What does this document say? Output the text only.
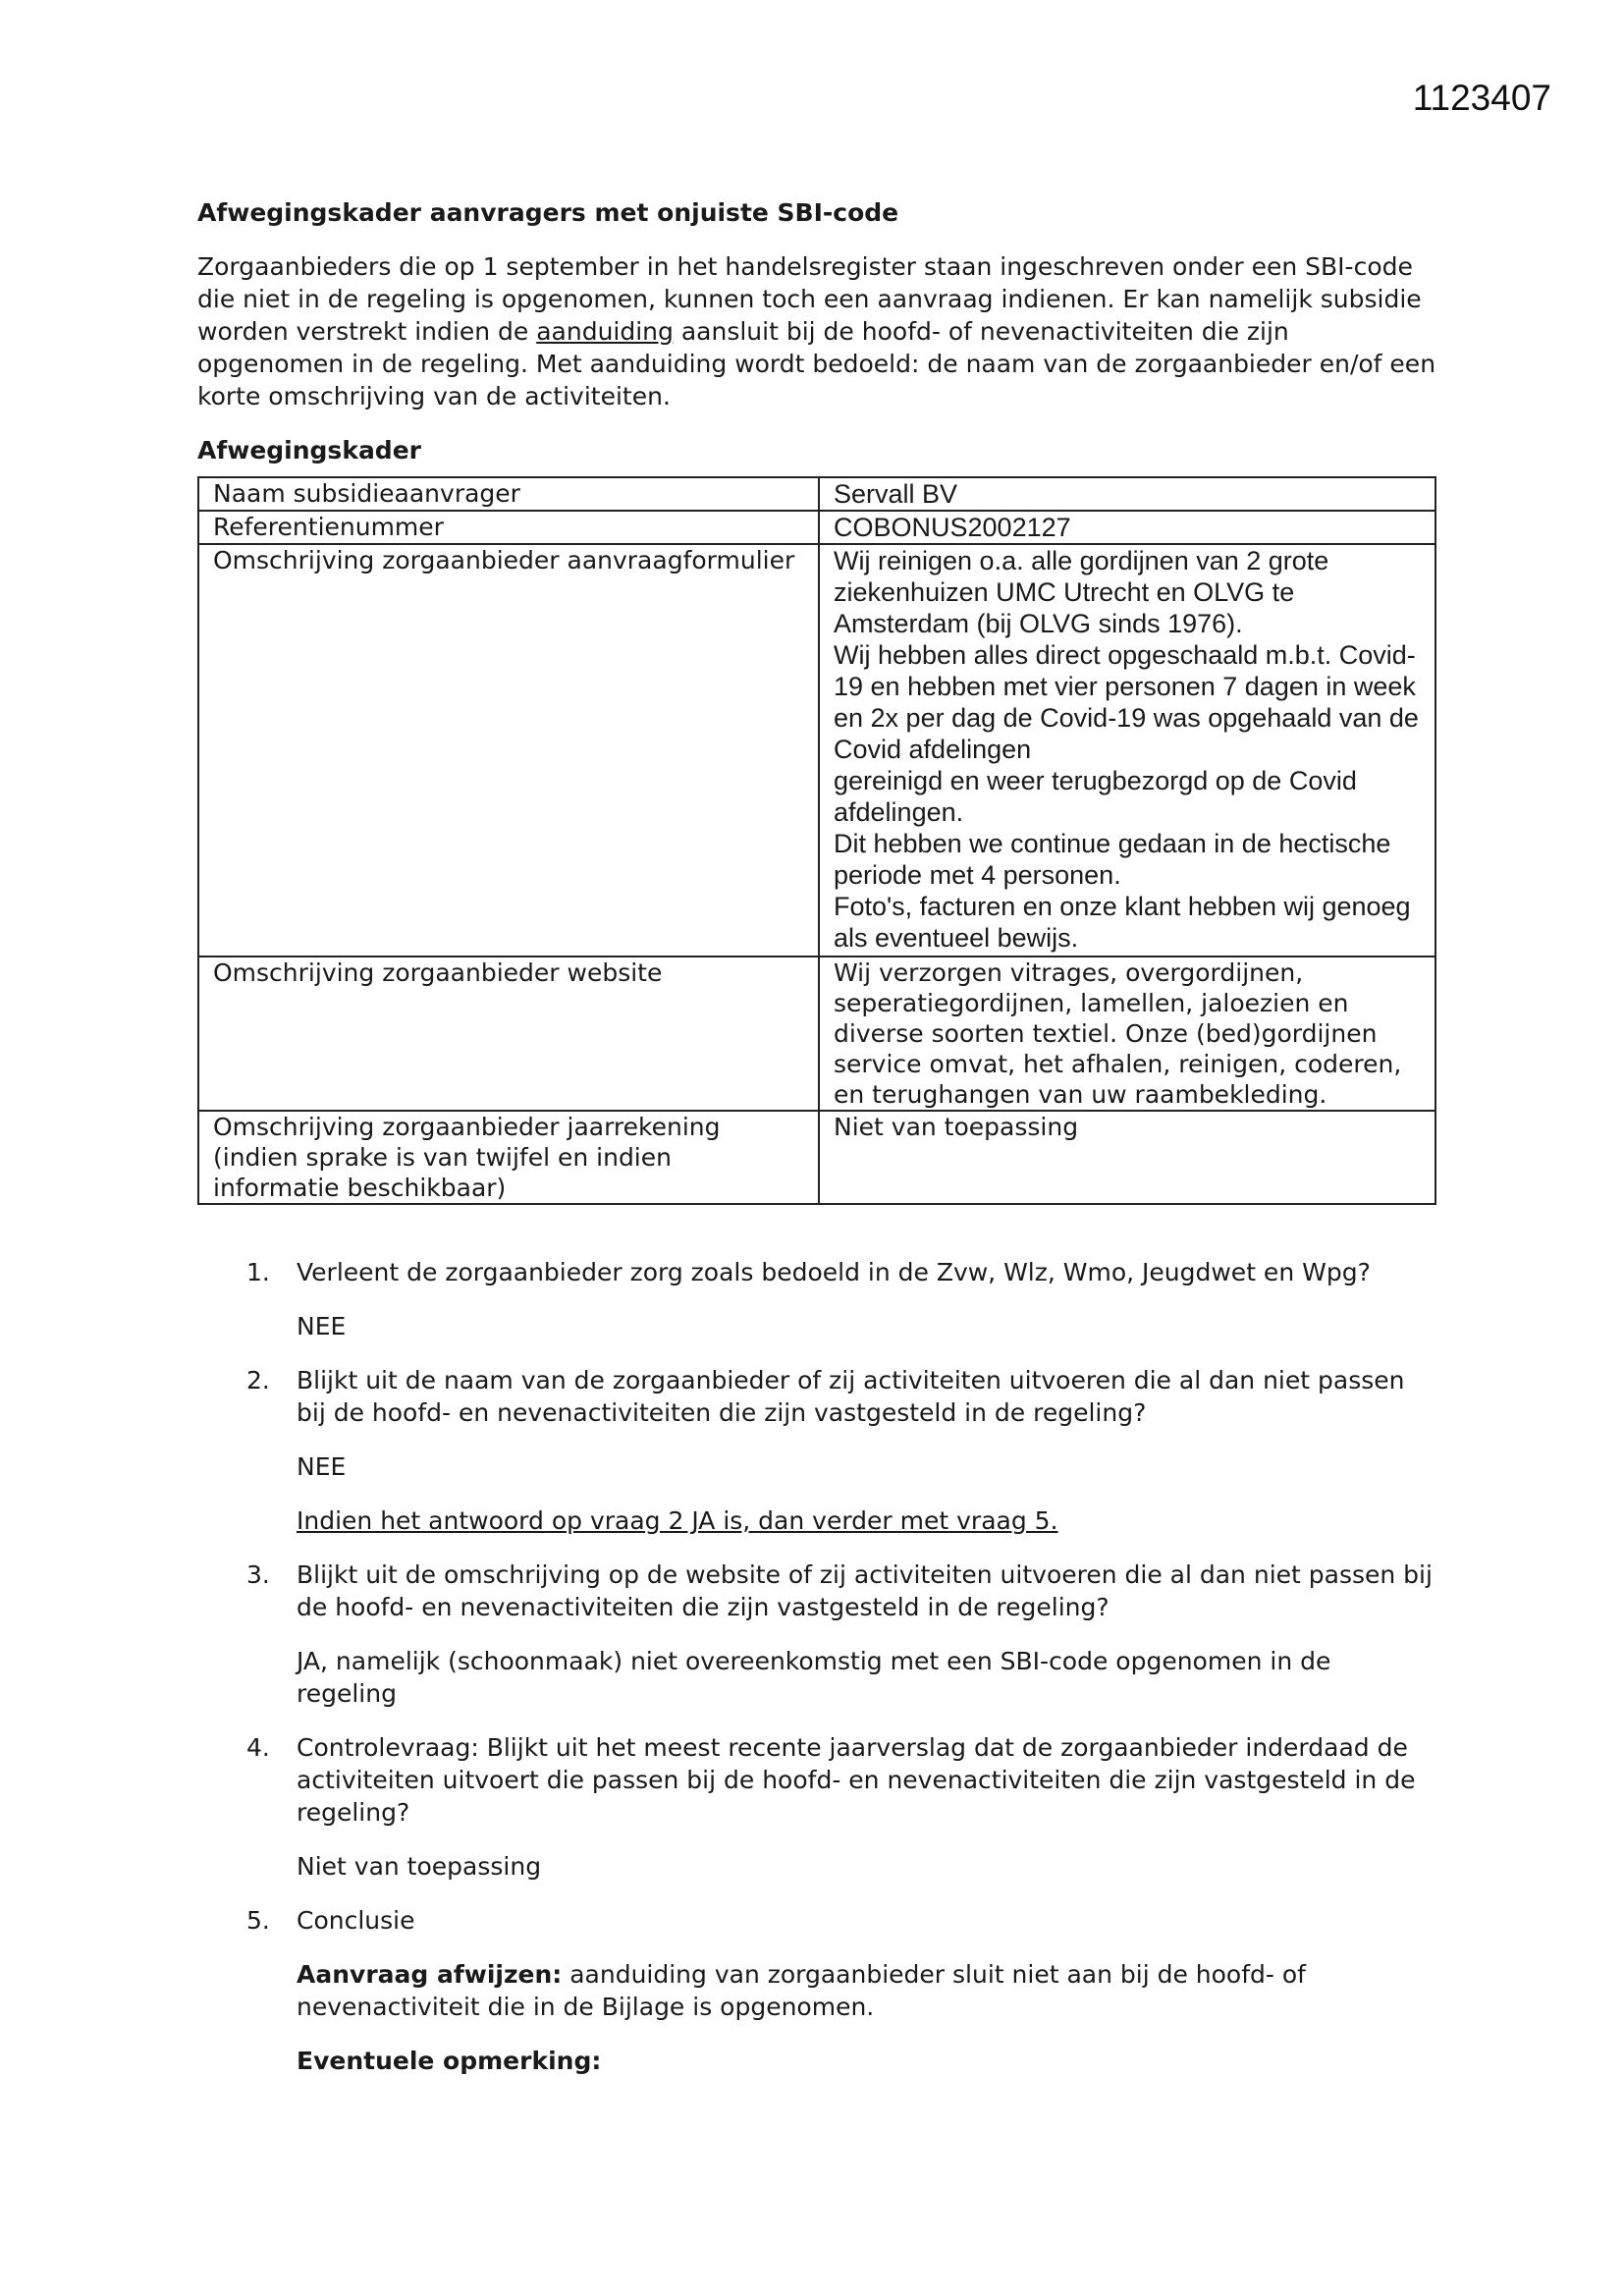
1123407
Afwegingskader aanvragers met onjuiste SBI-code
Zorgaanbieders die op 1 september in het handelsregister staan ingeschreven onder een SBI-code die niet in de regeling is opgenomen, kunnen toch een aanvraag indienen. Er kan namelijk subsidie worden verstrekt indien de aanduiding aansluit bij de hoofd- of nevenactiviteiten die zijn opgenomen in de regeling. Met aanduiding wordt bedoeld: de naam van de zorgaanbieder en/of een korte omschrijving van de activiteiten.
Afwegingskader
Naam subsidieaanvrager	Servall BV
Referentienummer	COBONUS2002127
Omschrijving zorgaanbieder aanvraagformulier	Wij reinigen o.a. alle gordijnen van 2 grote ziekenhuizen UMC Utrecht en OLVG te Amsterdam (bij OLVG sinds 1976).
Wij hebben alles direct opgeschaald m.b.t. Covid-19 en hebben met vier personen 7 dagen in week en 2x per dag de Covid-19 was opgehaald van de Covid afdelingen
gereinigd en weer terugbezorgd op de Covid afdelingen.
Dit hebben we continue gedaan in de hectische periode met 4 personen.
Foto's, facturen en onze klant hebben wij genoeg als eventueel bewijs.
Omschrijving zorgaanbieder website	Wij verzorgen vitrages, overgordijnen, seperatiegordijnen, lamellen, jaloezien en diverse soorten textiel. Onze (bed)gordijnen service omvat, het afhalen, reinigen, coderen, en terughangen van uw raambekleding.
Omschrijving zorgaanbieder jaarrekening (indien sprake is van twijfel en indien informatie beschikbaar)	Niet van toepassing
1. Verleent de zorgaanbieder zorg zoals bedoeld in de Zvw, Wlz, Wmo, Jeugdwet en Wpg?
NEE
2. Blijkt uit de naam van de zorgaanbieder of zij activiteiten uitvoeren die al dan niet passen bij de hoofd- en nevenactiviteiten die zijn vastgesteld in de regeling?
NEE
Indien het antwoord op vraag 2 JA is, dan verder met vraag 5.
3. Blijkt uit de omschrijving op de website of zij activiteiten uitvoeren die al dan niet passen bij de hoofd- en nevenactiviteiten die zijn vastgesteld in de regeling?
JA, namelijk (schoonmaak) niet overeenkomstig met een SBI-code opgenomen in de regeling
4. Controlevraag: Blijkt uit het meest recente jaarverslag dat de zorgaanbieder inderdaad de activiteiten uitvoert die passen bij de hoofd- en nevenactiviteiten die zijn vastgesteld in de regeling?
Niet van toepassing
5. Conclusie
Aanvraag afwijzen: aanduiding van zorgaanbieder sluit niet aan bij de hoofd- of nevenactiviteit die in de Bijlage is opgenomen.
Eventuele opmerking:
